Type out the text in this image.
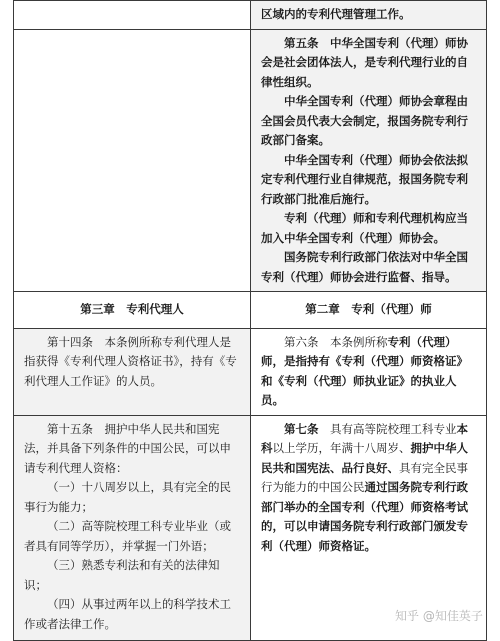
	区域内的专利代理管理工作。

	第五条　中华全国专利（代理）师协会是社会团体法人，是专利代理行业的自律性组织。

中华全国专利（代理）师协会章程由全国会员代表大会制定，报国务院专利行政部门备案。

中华全国专利（代理）师协会依法拟定专利代理行业自律规范，报国务院专利行政部门批准后施行。

专利（代理）师和专利代理机构应当加入中华全国专利（代理）师协会。

国务院专利行政部门依法对中华全国专利（代理）师协会进行监督、指导。

第三章　专利代理人	第二章　专利（代理）师

第十四条　本条例所称专利代理人是指获得《专利代理人资格证书》，持有《专利代理人工作证》的人员。	第六条　本条例所称专利（代理）师，是指持有《专利（代理）师资格证》和《专利（代理）师执业证》的执业人员。

第十五条　拥护中华人民共和国宪法，并具备下列条件的中国公民，可以申请专利代理人资格：

（一）十八周岁以上，具有完全的民事行为能力；

（二）高等院校理工科专业毕业（或者具有同等学历），并掌握一门外语；

（三）熟悉专利法和有关的法律知识；

（四）从事过两年以上的科学技术工作或者法律工作。	第七条　具有高等院校理工科专业本科以上学历，年满十八周岁、拥护中华人民共和国宪法、品行良好、具有完全民事行为能力的中国公民通过国务院专利行政部门举办的全国专利（代理）师资格考试的，可以申请国务院专利行政部门颁发专利（代理）师资格证。

知乎 @知佳英子
